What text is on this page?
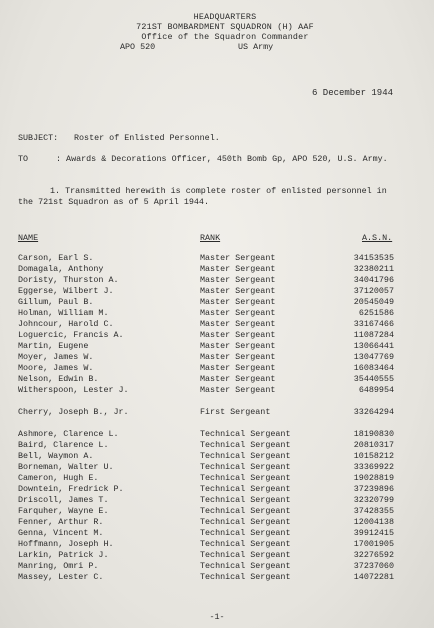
HEADQUARTERS
721ST BOMBARDMENT SQUADRON (H) AAF
Office of the Squadron Commander
APO 520	US Army
6 December 1944
SUBJECT: Roster of Enlisted Personnel.
TO	: Awards & Decorations Officer, 450th Bomb Gp, APO 520, U.S. Army.
1. Transmitted herewith is complete roster of enlisted personnel in
the 721st Squadron as of 5 April 1944.
NAME	RANK	A.S.N.
Carson, Earl S.	Master Sergeant	34153535
Domagala, Anthony	Master Sergeant	32380211
Doristy, Thurston A.	Master Sergeant	34041796
Eggerse, Wilbert J.	Master Sergeant	37120057
Gillum, Paul B.	Master Sergeant	20545049
Holman, William M.	Master Sergeant	6251586
Johncour, Harold C.	Master Sergeant	33167466
Loguercic, Francis A.	Master Sergeant	11087284
Martin, Eugene	Master Sergeant	13066441
Moyer, James W.	Master Sergeant	13047769
Moore, James W.	Master Sergeant	16083464
Nelson, Edwin B.	Master Sergeant	35440555
Witherspoon, Lester J.	Master Sergeant	6489954
Cherry, Joseph B., Jr.	First Sergeant	33264294
Ashmore, Clarence L.	Technical Sergeant	18190830
Baird, Clarence L.	Technical Sergeant	20810317
Bell, Waymon A.	Technical Sergeant	10158212
Borneman, Walter U.	Technical Sergeant	33369922
Cameron, Hugh E.	Technical Sergeant	19028819
Downtein, Fredrick P.	Technical Sergeant	37239896
Driscoll, James T.	Technical Sergeant	32320799
Farquher, Wayne E.	Technical Sergeant	37428355
Fenner, Arthur R.	Technical Sergeant	12004138
Genna, Vincent M.	Technical Sergeant	39912415
Hoffmann, Joseph H.	Technical Sergeant	17001905
Larkin, Patrick J.	Technical Sergeant	32276592
Manring, Omri P.	Technical Sergeant	37237060
Massey, Lester C.	Technical Sergeant	14072281
-1-
